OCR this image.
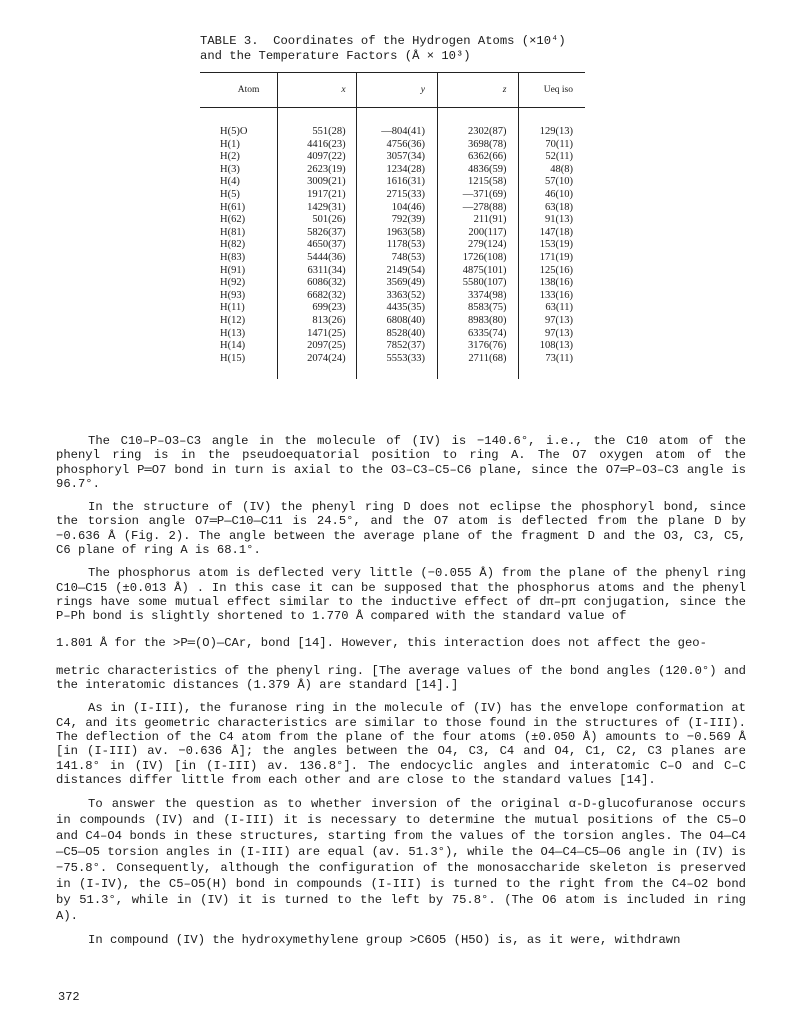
TABLE 3.  Coordinates of the Hydrogen Atoms (×10⁴)
and the Temperature Factors (Å × 10³)
Atom	x	y	z	Ueq iso
H(5)O	551(28)	—804(41)	2302(87)	129(13)
H(1)	4416(23)	4756(36)	3698(78)	70(11)
H(2)	4097(22)	3057(34)	6362(66)	52(11)
H(3)	2623(19)	1234(28)	4836(59)	48(8)
H(4)	3009(21)	1616(31)	1215(58)	57(10)
H(5)	1917(21)	2715(33)	—371(69)	46(10)
H(61)	1429(31)	104(46)	—278(88)	63(18)
H(62)	501(26)	792(39)	211(91)	91(13)
H(81)	5826(37)	1963(58)	200(117)	147(18)
H(82)	4650(37)	1178(53)	279(124)	153(19)
H(83)	5444(36)	748(53)	1726(108)	171(19)
H(91)	6311(34)	2149(54)	4875(101)	125(16)
H(92)	6086(32)	3569(49)	5580(107)	138(16)
H(93)	6682(32)	3363(52)	3374(98)	133(16)
H(11)	699(23)	4435(35)	8583(75)	63(11)
H(12)	813(26)	6808(40)	8983(80)	97(13)
H(13)	1471(25)	8528(40)	6335(74)	97(13)
H(14)	2097(25)	7852(37)	3176(76)	108(13)
H(15)	2074(24)	5553(33)	2711(68)	73(11)

The C10–P–O3–C3 angle in the molecule of (IV) is −140.6°, i.e., the C10 atom of the phenyl ring is in the pseudoequatorial position to ring A. The O7 oxygen atom of the phosphoryl P═O7 bond in turn is axial to the O3–C3–C5–C6 plane, since the O7═P–O3–C3 angle is 96.7°.

In the structure of (IV) the phenyl ring D does not eclipse the phosphoryl bond, since the torsion angle O7═P—C10—C11 is 24.5°, and the O7 atom is deflected from the plane D by −0.636 Å (Fig. 2). The angle between the average plane of the fragment D and the O3, C3, C5, C6 plane of ring A is 68.1°.

The phosphorus atom is deflected very little (−0.055 Å) from the plane of the phenyl ring C10—C15 (±0.013 Å) . In this case it can be supposed that the phosphorus atoms and the phenyl rings have some mutual effect similar to the inductive effect of dπ–pπ conjugation, since the P–Ph bond is slightly shortened to 1.770 Å compared with the standard value of

1.801 Å for the >P═(O)—CAr, bond [14]. However, this interaction does not affect the geo-

metric characteristics of the phenyl ring. [The average values of the bond angles (120.0°) and the interatomic distances (1.379 Å) are standard [14].]

As in (I-III), the furanose ring in the molecule of (IV) has the envelope conformation at C4, and its geometric characteristics are similar to those found in the structures of (I-III). The deflection of the C4 atom from the plane of the four atoms (±0.050 Å) amounts to −0.569 Å [in (I-III) av. −0.636 Å]; the angles between the O4, C3, C4 and O4, C1, C2, C3 planes are 141.8° in (IV) [in (I-III) av. 136.8°]. The endocyclic angles and interatomic C–O and C–C distances differ little from each other and are close to the standard values [14].

To answer the question as to whether inversion of the original α-D-glucofuranose occurs in compounds (IV) and (I-III) it is necessary to determine the mutual positions of the C5–O and C4–O4 bonds in these structures, starting from the values of the torsion angles. The O4—C4—C5—O5 torsion angles in (I-III) are equal (av. 51.3°), while the O4—C4—C5—O6 angle in (IV) is −75.8°. Consequently, although the configuration of the monosaccharide skeleton is preserved in (I-IV), the C5–O5(H) bond in compounds (I-III) is turned to the right from the C4–O2 bond by 51.3°, while in (IV) it is turned to the left by 75.8°. (The O6 atom is included in ring A).

In compound (IV) the hydroxymethylene group >C6O5 (H5O) is, as it were, withdrawn

372
